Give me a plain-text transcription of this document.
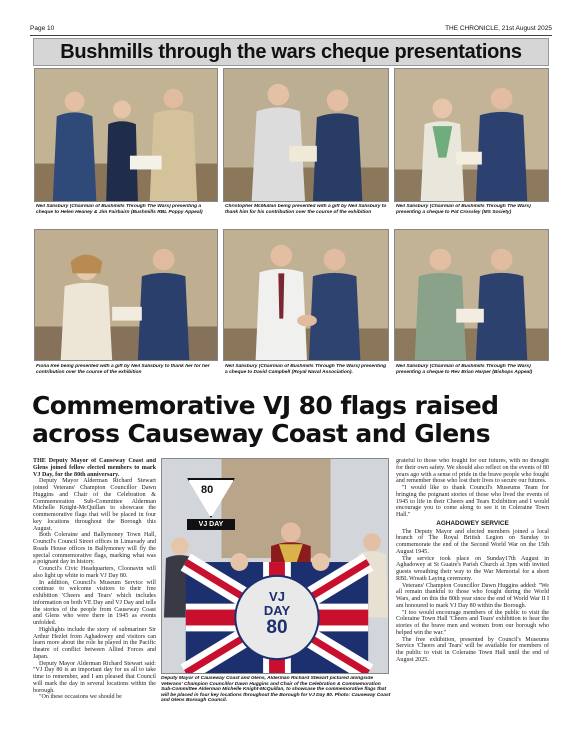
Page 10	THE CHRONICLE, 21st August 2025
Bushmills through the wars cheque presentations
Neil Salisbury (Chairman of Bushmills Through The Wars) presenting a cheque to Helen Heaney & Jim Fairbairn (Bushmills RBL Poppy Appeal)
Christopher McMullan being presented with a gift by Neil Salisbury to thank him for his contribution over the course of the exhibition
Neil Salisbury (Chairman of Bushmills Through The Wars) presenting a cheque to Pat Crossley (MS Society)
Fiona Kee being presented with a gift by Neil Salisbury to thank her for her contribution over the course of the exhibition
Neil Salisbury (Chairman of Bushmills Through The Wars) presenting a cheque to David Campbell (Royal Naval Association).
Neil Salisbury (Chairman of Bushmills Through The Wars) presenting a cheque to Rev Brian Harper (Bishops Appeal)
Commemorative VJ 80 flags raised
across Causeway Coast and Glens

THE Deputy Mayor of Causeway Coast and Glens joined fellow elected members to mark VJ Day, for the 80th anniversary.

Deputy Mayor Alderman Richard Stewart joined Veterans' Champion Councillor Dawn Huggins and Chair of the Celebration & Commemoration Sub-Committee Alderman Michelle Knight-McQuillan to showcase the commemorative flags that will be placed in four key locations throughout the Borough this August.

Both Coleraine and Ballymoney Town Hall, Council's Council Street offices in Limavady and Roads House offices in Ballymoney will fly the special commemorative flags, marking what was a poignant day in history.

Council's Civic Headquarters, Cloonavin will also light up white to mark VJ Day 80.

In addition, Council's Museum Service will continue to welcome visitors to their free exhibition 'Cheers and Tears' which includes information on both VE Day and VJ Day and tells the stories of the people from Causeway Coast and Glens who were there in 1945 as events unfolded.

Highlights include the story of submariner Sir Arthur Hezlet from Aghadowey and visitors can learn more about the role he played in the Pacific theatre of conflict between Allied Forces and Japan.

Deputy Mayor Alderman Richard Stewart said: "VJ Day 80 is an important day for us all to take time to remember, and I am pleased that Council will mark the day in several locations within the borough.

"On these occasions we should be

80
VJ DAY
VJ
DAY
80
Deputy Mayor of Causeway Coast and Glens, Alderman Richard Stewart pictured alongside Veterans' Champion Councillor Dawn Huggins and Chair of the Celebration & Commemoration Sub-Committee Alderman Michelle Knight-McQuillan, to showcase the commemorative flags that will be placed in four key locations throughout the Borough for VJ Day 80. Photo: Causeway Coast and Glens Borough Council.

grateful to those who fought for our futures, with no thought for their own safety. We should also reflect on the events of 80 years ago with a sense of pride in the brave people who fought and remember those who lost their lives to secure our futures.

"I would like to thank Council's Museums Team for bringing the poignant stories of those who lived the events of 1945 to life in their Cheers and Tears Exhibition and I would encourage you to come along to see it in Coleraine Town Hall."

AGHADOWEY SERVICE

The Deputy Mayor and elected members joined a local branch of The Royal British Legion on Sunday to commemorate the end of the Second World War on the 15th August 1945.

The service took place on Sunday17th August in Aghadowey at St Guaire's Parish Church at 3pm with invited guests wreathing their way to the War Memorial for a short RBL Wreath Laying ceremony.

Veterans' Champion Councillor Dawn Huggins added: "We all remain thankful to those who fought during the World Wars, and on this the 80th year since the end of World War II I am honoured to mark VJ Day 80 within the Borough.

"I too would encourage members of the public to visit the Coleraine Town Hall 'Cheers and Tears' exhibition to hear the stories of the brave men and women from our borough who helped win the war."

The free exhibition, presented by Council's Museums Service 'Cheers and Tears' will be available for members of the public to visit in Coleraine Town Hall until the end of August 2025.
